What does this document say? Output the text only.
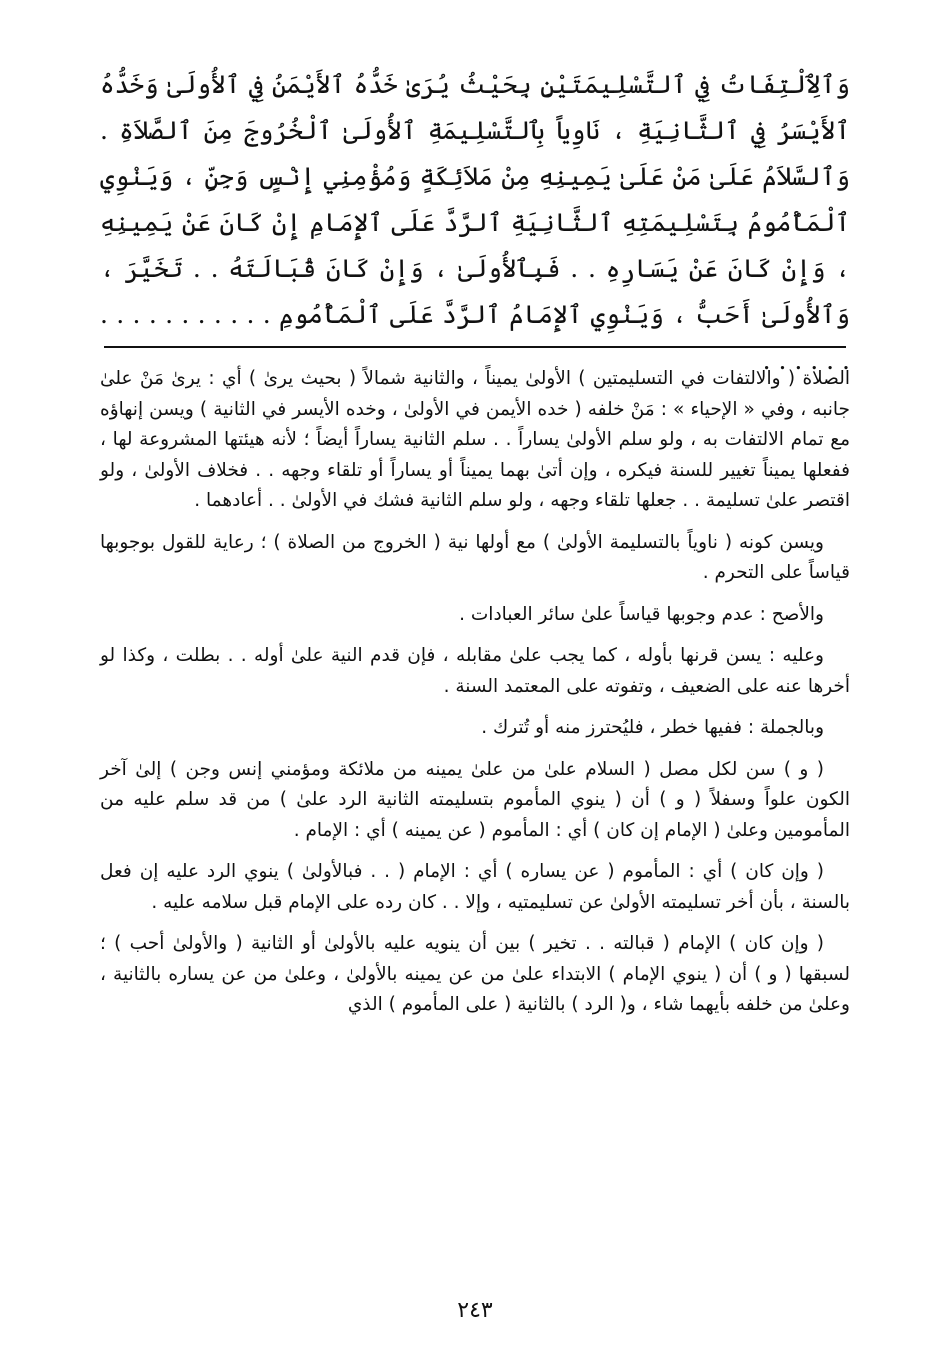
وَٱلِٱلْتِفَاتُ فِي ٱلتَّسْلِيمَتَيْنِ بِحَيْثُ يُرَىٰ خَدُّهُ ٱلأَيْمَنُ فِي ٱلأُولَىٰ وَخَدُّهُ ٱلأَيْسَرُ فِي ٱلثَّانِيَةِ ، نَاوِياً بِٱلتَّسْلِيمَةِ ٱلأُولَىٰ ٱلْخُرُوجَ مِنَ ٱلصَّلاَةِ . وَٱلسَّلاَمُ عَلَىٰ مَنْ عَلَىٰ يَمِينِهِ مِنْ مَلاَئِكَةٍ وَمُؤْمِنِي إِنْسٍ وَجِنٍّ ، وَيَنْوِي ٱلْمَأْمُومُ بِتَسْلِيمَتِهِ ٱلثَّانِيَةِ ٱلرَّدَّ عَلَى ٱلإِمَامِ إِنْ كَانَ عَنْ يَمِينِهِ ، وَإِنْ كَانَ عَنْ يَسَارِهِ . . فَبِٱلأُولَىٰ ، وَإِنْ كَانَ قُبَالَتَهُ . . تَخَيَّرَ ، وَٱلأُولَىٰ أَحَبُّ ، وَيَنْوِي ٱلإِمَامُ ٱلرَّدَّ عَلَى ٱلْمَأْمُومِ . . . . . . . . . . . . . . . . .

الصلاة ( والالتفات في التسليمتين ) الأولىٰ يميناً ، والثانية شمالاً ( بحيث يرىٰ ) أي : يرىٰ مَنْ علىٰ جانبه ، وفي « الإحياء » : مَنْ خلفه ( خده الأيمن في الأولىٰ ، وخده الأيسر في الثانية ) ويسن إنهاؤه مع تمام الالتفات به ، ولو سلم الأولىٰ يساراً . . سلم الثانية يساراً أيضاً ؛ لأنه هيئتها المشروعة لها ، ففعلها يميناً تغيير للسنة فيكره ، وإن أتىٰ بهما يميناً أو يساراً أو تلقاء وجهه . . فخلاف الأولىٰ ، ولو اقتصر علىٰ تسليمة . . جعلها تلقاء وجهه ، ولو سلم الثانية فشك في الأولىٰ . . أعادهما .

ويسن كونه ( ناوياً بالتسليمة الأولىٰ ) مع أولها نية ( الخروج من الصلاة ) ؛ رعاية للقول بوجوبها قياساً على التحرم .

والأصح : عدم وجوبها قياساً علىٰ سائر العبادات .

وعليه : يسن قرنها بأوله ، كما يجب علىٰ مقابله ، فإن قدم النية علىٰ أوله . . بطلت ، وكذا لو أخرها عنه على الضعيف ، وتفوته على المعتمد السنة .

وبالجملة : ففيها خطر ، فليُحترز منه أو تُترك .

( و ) سن لكل مصل ( السلام علىٰ من علىٰ يمينه من ملائكة ومؤمني إنس وجن ) إلىٰ آخر الكون علواً وسفلاً ( و ) أن ( ينوي المأموم بتسليمته الثانية الرد علىٰ ) من قد سلم عليه من المأمومين وعلىٰ ( الإمام إن كان ) أي : المأموم ( عن يمينه ) أي : الإمام .

( وإن كان ) أي : المأموم ( عن يساره ) أي : الإمام ( . . فبالأولىٰ ) ينوي الرد عليه إن فعل بالسنة ، بأن أخر تسليمته الأولىٰ عن تسليمتيه ، وإلا . . كان رده على الإمام قبل سلامه عليه .

( وإن كان ) الإمام ( قبالته . . تخير ) بين أن ينويه عليه بالأولىٰ أو الثانية ( والأولىٰ أحب ) ؛ لسبقها ( و ) أن ( ينوي الإمام ) الابتداء علىٰ من عن يمينه بالأولىٰ ، وعلىٰ من عن يساره بالثانية ، وعلىٰ من خلفه بأيهما شاء ، و( الرد ) بالثانية ( على المأموم ) الذي

٢٤٣
